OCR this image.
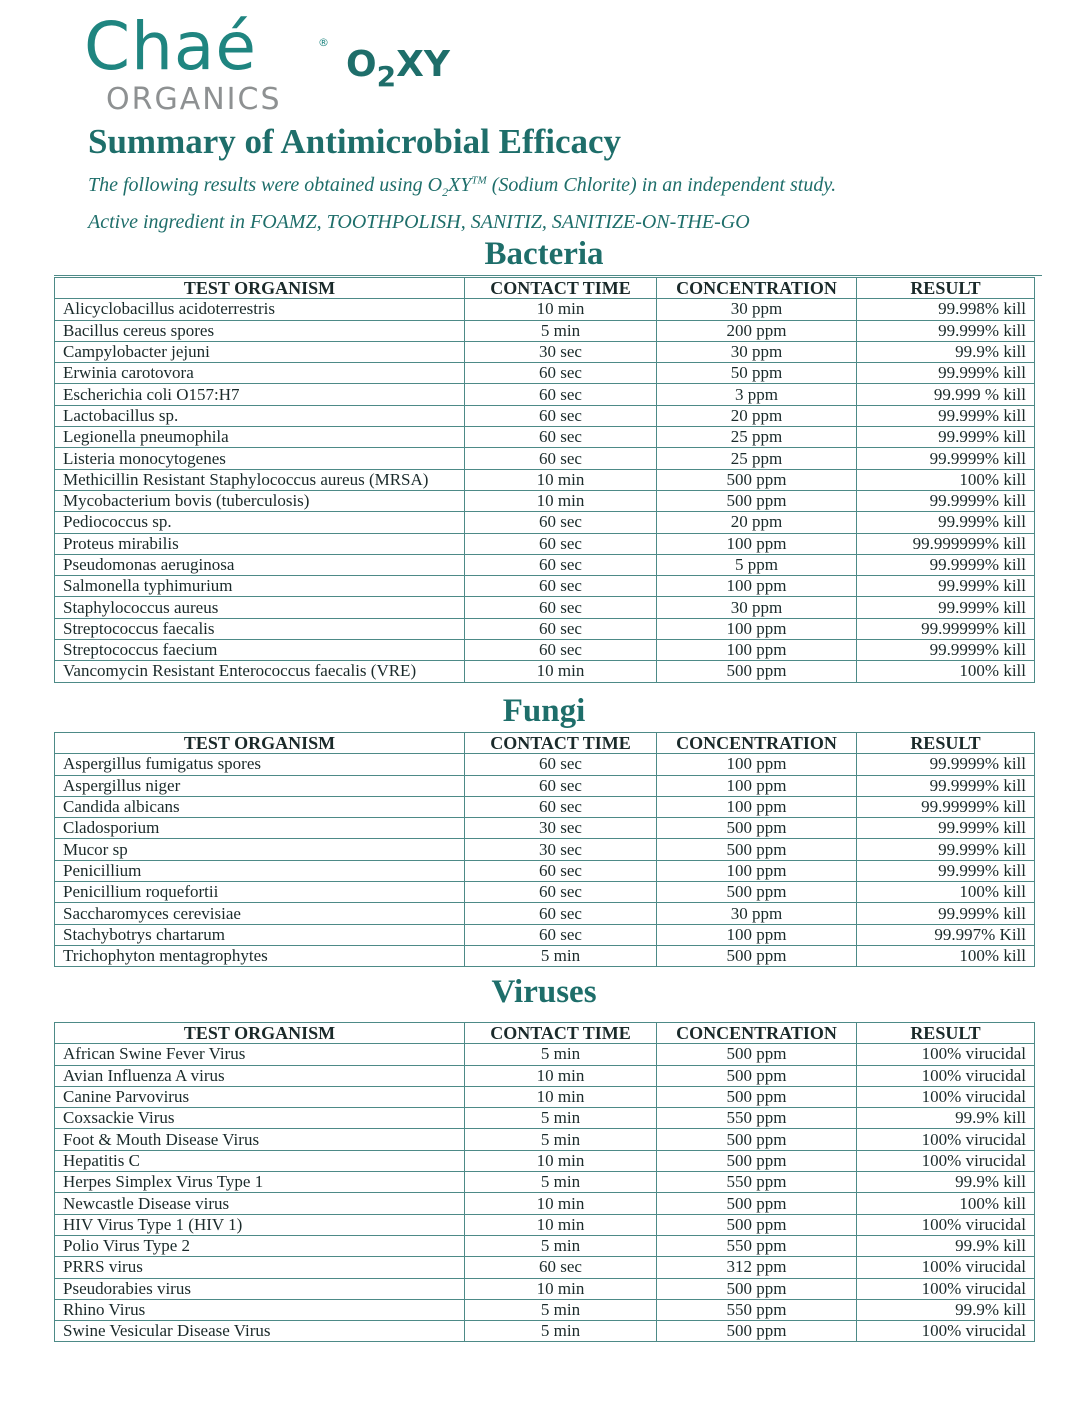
Chaé	®
$O_2XY$
ORGANICS
Summary of Antimicrobial Efficacy

The following results were obtained using $O_2XY™$ (Sodium Chlorite) in an independent study.

Active ingredient in FOAMZ, TOOTHPOLISH, SANITIZ, SANITIZE-ON-THE-GO

Bacteria
TEST ORGANISM	CONTACT TIME	CONCENTRATION	RESULT
Alicyclobacillus acidoterrestris	10 min	30 ppm	99.998% kill
Bacillus cereus spores	5 min	200 ppm	99.999% kill
Campylobacter jejuni	30 sec	30 ppm	99.9% kill
Erwinia carotovora	60 sec	50 ppm	99.999% kill
Escherichia coli O157:H7	60 sec	3 ppm	99.999 % kill
Lactobacillus sp.	60 sec	20 ppm	99.999% kill
Legionella pneumophila	60 sec	25 ppm	99.999% kill
Listeria monocytogenes	60 sec	25 ppm	99.9999% kill
Methicillin Resistant Staphylococcus aureus (MRSA)	10 min	500 ppm	100% kill
Mycobacterium bovis (tuberculosis)	10 min	500 ppm	99.9999% kill
Pediococcus sp.	60 sec	20 ppm	99.999% kill
Proteus mirabilis	60 sec	100 ppm	99.999999% kill
Pseudomonas aeruginosa	60 sec	5 ppm	99.9999% kill
Salmonella typhimurium	60 sec	100 ppm	99.999% kill
Staphylococcus aureus	60 sec	30 ppm	99.999% kill
Streptococcus faecalis	60 sec	100 ppm	99.99999% kill
Streptococcus faecium	60 sec	100 ppm	99.9999% kill
Vancomycin Resistant Enterococcus faecalis (VRE)	10 min	500 ppm	100% kill
Fungi
TEST ORGANISM	CONTACT TIME	CONCENTRATION	RESULT
Aspergillus fumigatus spores	60 sec	100 ppm	99.9999% kill
Aspergillus niger	60 sec	100 ppm	99.9999% kill
Candida albicans	60 sec	100 ppm	99.99999% kill
Cladosporium	30 sec	500 ppm	99.999% kill
Mucor sp	30 sec	500 ppm	99.999% kill
Penicillium	60 sec	100 ppm	99.999% kill
Penicillium roquefortii	60 sec	500 ppm	100% kill
Saccharomyces cerevisiae	60 sec	30 ppm	99.999% kill
Stachybotrys chartarum	60 sec	100 ppm	99.997% Kill
Trichophyton mentagrophytes	5 min	500 ppm	100% kill
Viruses
TEST ORGANISM	CONTACT TIME	CONCENTRATION	RESULT
African Swine Fever Virus	5 min	500 ppm	100% virucidal
Avian Influenza A virus	10 min	500 ppm	100% virucidal
Canine Parvovirus	10 min	500 ppm	100% virucidal
Coxsackie Virus	5 min	550 ppm	99.9% kill
Foot & Mouth Disease Virus	5 min	500 ppm	100% virucidal
Hepatitis C	10 min	500 ppm	100% virucidal
Herpes Simplex Virus Type 1	5 min	550 ppm	99.9% kill
Newcastle Disease virus	10 min	500 ppm	100% kill
HIV Virus Type 1 (HIV 1)	10 min	500 ppm	100% virucidal
Polio Virus Type 2	5 min	550 ppm	99.9% kill
PRRS virus	60 sec	312 ppm	100% virucidal
Pseudorabies virus	10 min	500 ppm	100% virucidal
Rhino Virus	5 min	550 ppm	99.9% kill
Swine Vesicular Disease Virus	5 min	500 ppm	100% virucidal
